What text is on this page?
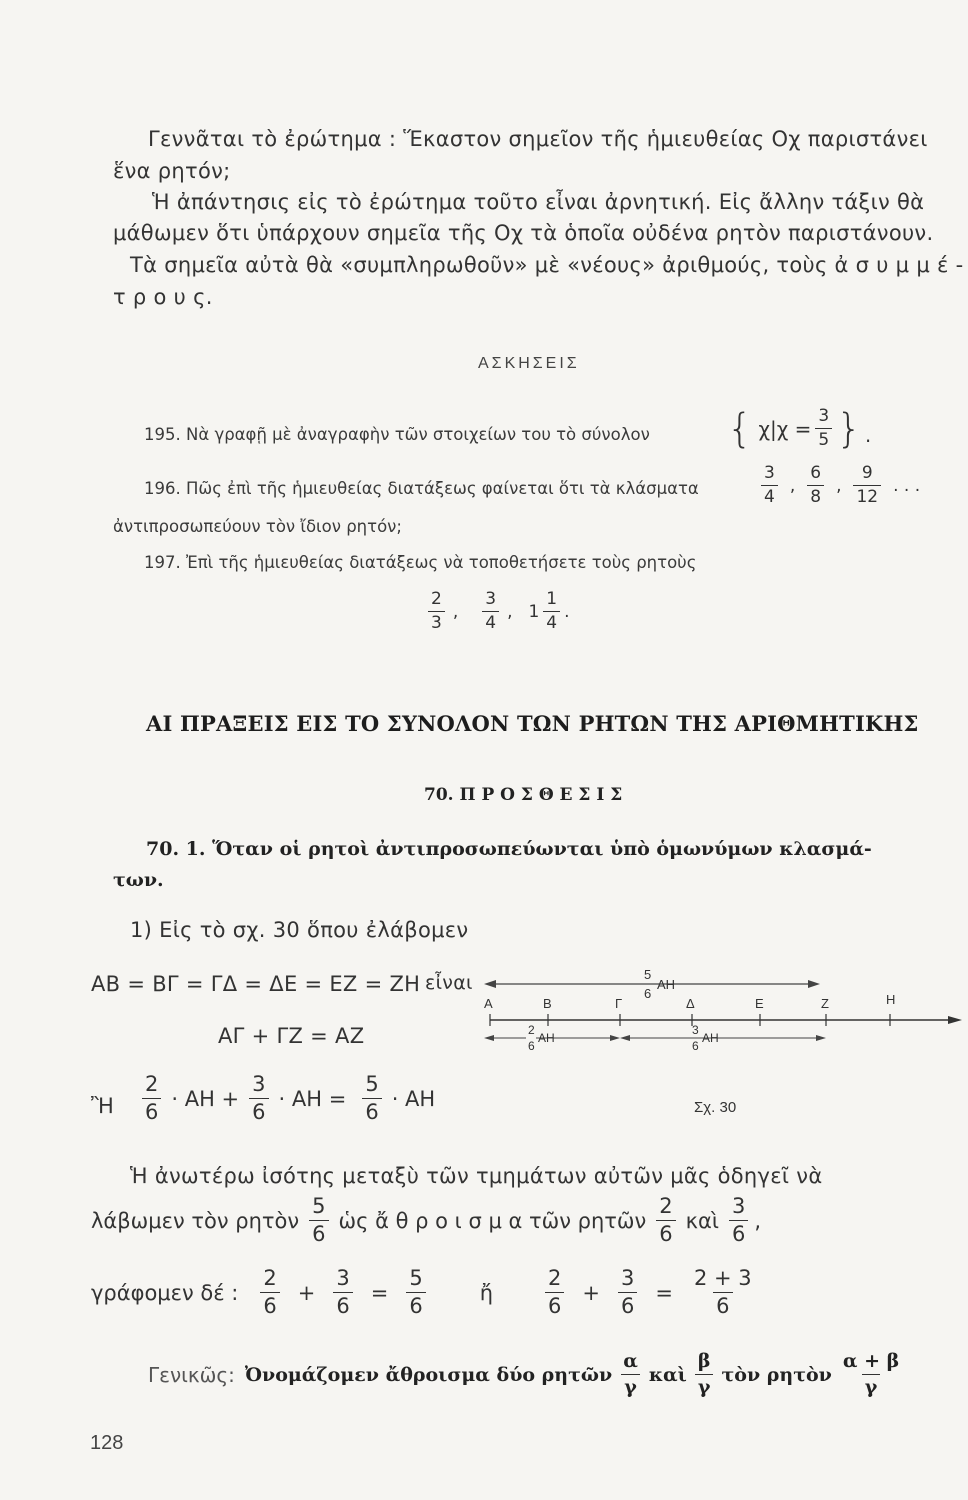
Γεννᾶται τὸ ἐρώτημα : Ἕκαστον σημεῖον τῆς ἡμιευθείας Οχ παριστάνει
ἕνα ρητόν;
Ἡ ἀπάντησις εἰς τὸ ἐρώτημα τοῦτο εἶναι ἀρνητική. Εἰς ἄλλην τάξιν θὰ
μάθωμεν ὅτι ὑπάρχουν σημεῖα τῆς Οχ τὰ ὁποῖα οὐδένα ρητὸν παριστάνουν.
Τὰ σημεῖα αὐτὰ θὰ «συμπληρωθοῦν» μὲ «νέους» ἀριθμούς, τοὺς ἀ σ υ μ μ έ -
τ ρ ο υ ς.
ΑΣΚΗΣΕΙΣ
195. Νὰ γραφῇ μὲ ἀναγραφὴν τῶν στοιχείων του τὸ σύνολον { $\chi|\chi = \frac{3}{5}$ }.
196. Πῶς ἐπὶ τῆς ἡμιευθείας διατάξεως φαίνεται ὅτι τὰ κλάσματα	$\frac{3}{4}$ , $\frac{6}{8}$ , $\frac{9}{12}$ . . .
ἀντιπροσωπεύουν τὸν ἴδιον ρητόν;
197. Ἐπὶ τῆς ἡμιευθείας διατάξεως νὰ τοποθετήσετε τοὺς ρητοὺς
$\frac{2}{3}$ , $\frac{3}{4}$ , $1 \frac{1}{4}$ .
ΑΙ ΠΡΑΞΕΙΣ ΕΙΣ ΤΟ ΣΥΝΟΛΟΝ ΤΩΝ ΡΗΤΩΝ ΤΗΣ ΑΡΙΘΜΗΤΙΚΗΣ
70. Π Ρ Ο Σ Θ Ε Σ Ι Σ
70. 1. Ὅταν οἱ ρητοὶ ἀντιπροσωπεύωνται ὑπὸ ὁμωνύμων κλασμά-
των.
1) Εἰς τὸ σχ. 30 ὅπου ἐλάβομεν
ΑΒ = ΒΓ = ΓΔ = ΔΕ = ΕΖ = ΖΗ εἶναι
ΑΓ + ΓΖ = ΑΖ
Ἢ $\frac{2}{6} \cdot AH + \frac{3}{6} \cdot AH = \frac{5}{6} \cdot AH$
5
6
ΑΗ
Α	Β	Γ	Δ	Ε	Ζ	Η
2
6
ΑΗ
3
6
ΑΗ
Σχ. 30
Ἡ ἀνωτέρω ἰσότης μεταξὺ τῶν τμημάτων αὐτῶν μᾶς ὁδηγεῖ νὰ
λάβωμεν τὸν ρητὸν $\frac{5}{6}$ ὡς ἄ θ ρ ο ι σ μ α τῶν ρητῶν $\frac{2}{6}$ καὶ $\frac{3}{6}$ ,
γράφομεν δέ : $\frac{2}{6} + \frac{3}{6} = \frac{5}{6}$	ἤ $\frac{2}{6} + \frac{3}{6} = \frac{2 + 3}{6}$
Γενικῶς: Ὀνομάζομεν ἄθροισμα δύο ρητῶν $\frac{\alpha}{\gamma}$ καὶ $\frac{\beta}{\gamma}$ τὸν ρητὸν $\frac{\alpha + \beta}{\gamma}$
128
